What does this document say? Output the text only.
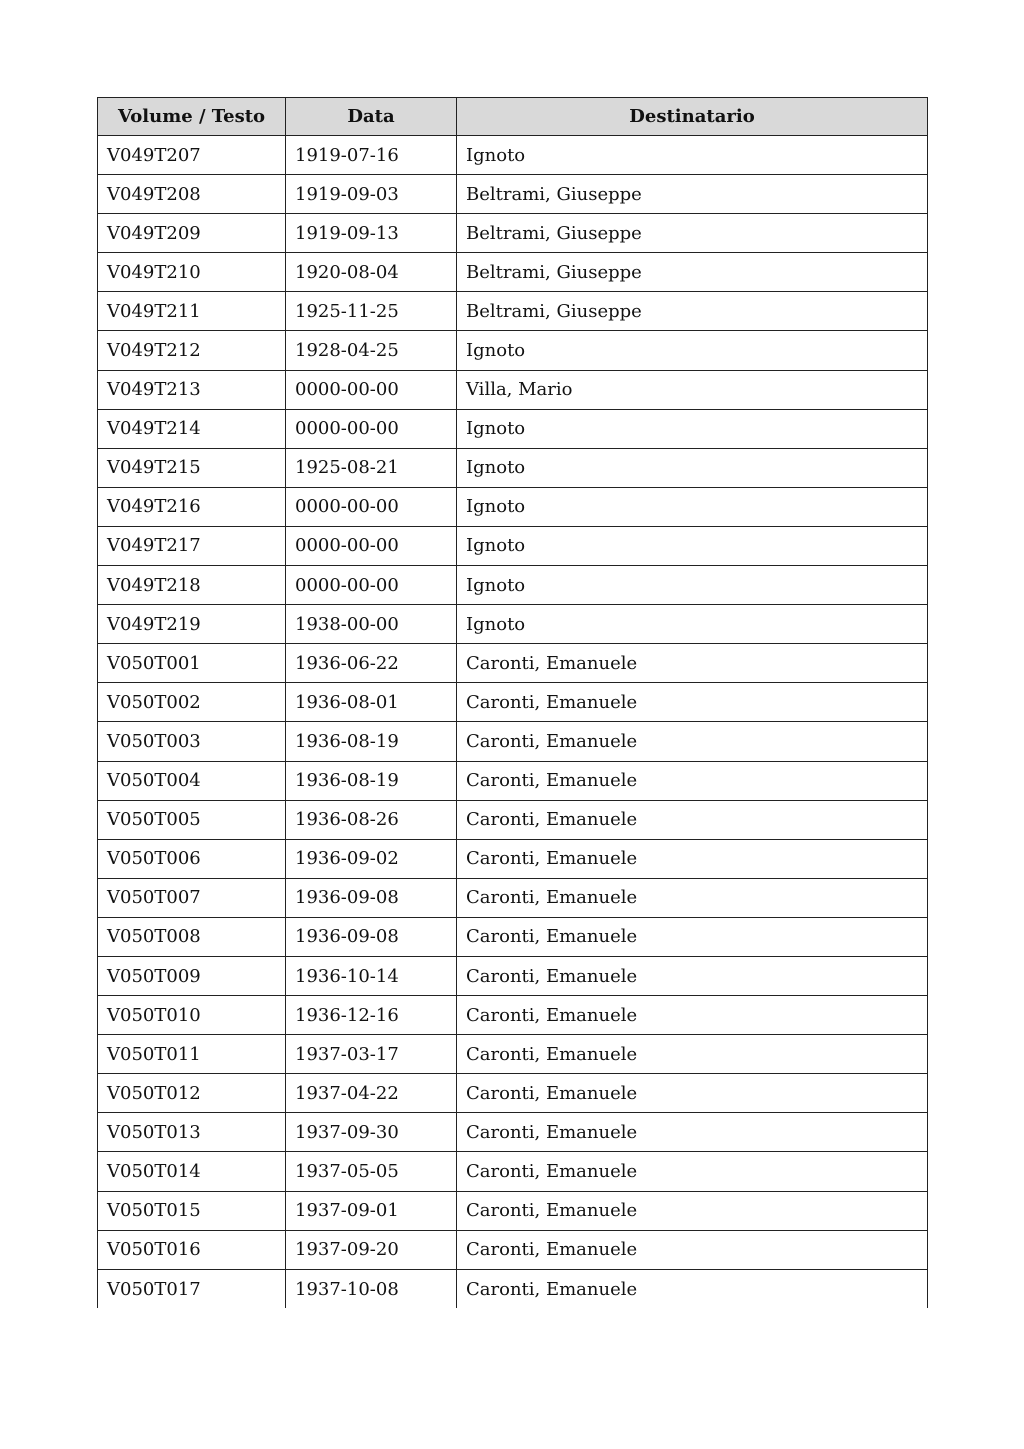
Volume / Testo	Data	Destinatario
V049T207	1919-07-16	Ignoto
V049T208	1919-09-03	Beltrami, Giuseppe
V049T209	1919-09-13	Beltrami, Giuseppe
V049T210	1920-08-04	Beltrami, Giuseppe
V049T211	1925-11-25	Beltrami, Giuseppe
V049T212	1928-04-25	Ignoto
V049T213	0000-00-00	Villa, Mario
V049T214	0000-00-00	Ignoto
V049T215	1925-08-21	Ignoto
V049T216	0000-00-00	Ignoto
V049T217	0000-00-00	Ignoto
V049T218	0000-00-00	Ignoto
V049T219	1938-00-00	Ignoto
V050T001	1936-06-22	Caronti, Emanuele
V050T002	1936-08-01	Caronti, Emanuele
V050T003	1936-08-19	Caronti, Emanuele
V050T004	1936-08-19	Caronti, Emanuele
V050T005	1936-08-26	Caronti, Emanuele
V050T006	1936-09-02	Caronti, Emanuele
V050T007	1936-09-08	Caronti, Emanuele
V050T008	1936-09-08	Caronti, Emanuele
V050T009	1936-10-14	Caronti, Emanuele
V050T010	1936-12-16	Caronti, Emanuele
V050T011	1937-03-17	Caronti, Emanuele
V050T012	1937-04-22	Caronti, Emanuele
V050T013	1937-09-30	Caronti, Emanuele
V050T014	1937-05-05	Caronti, Emanuele
V050T015	1937-09-01	Caronti, Emanuele
V050T016	1937-09-20	Caronti, Emanuele
V050T017	1937-10-08	Caronti, Emanuele
